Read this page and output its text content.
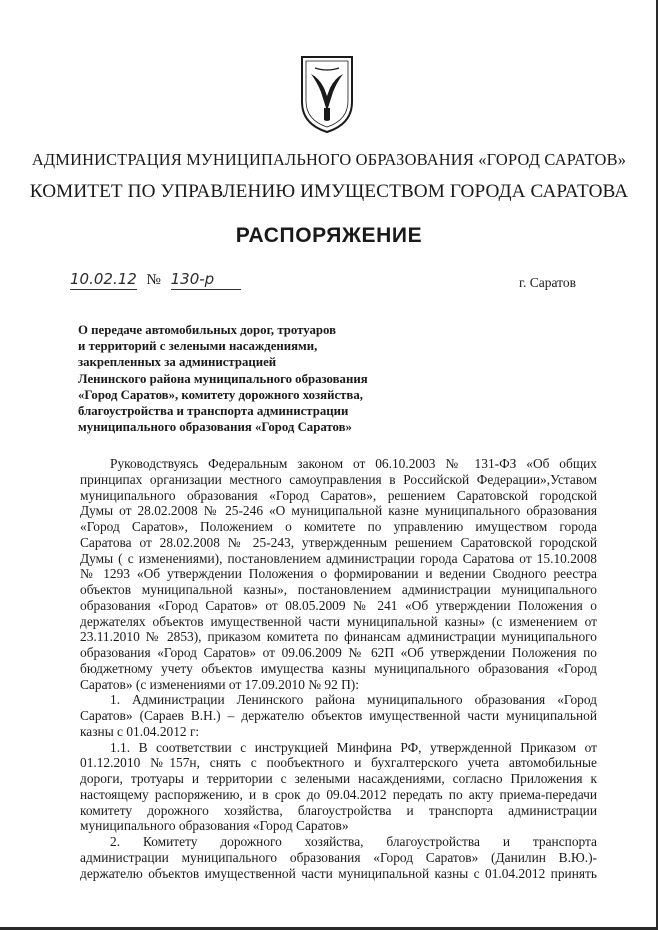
АДМИНИСТРАЦИЯ МУНИЦИПАЛЬНОГО ОБРАЗОВАНИЯ «ГОРОД САРАТОВ»
КОМИТЕТ ПО УПРАВЛЕНИЮ ИМУЩЕСТВОМ ГОРОДА САРАТОВА
РАСПОРЯЖЕНИЕ
10.02.12 № 130-р	г. Саратов
О передаче автомобильных дорог, тротуаров
и территорий с зелеными насаждениями,
закрепленных за администрацией
Ленинского района муниципального образования
«Город Саратов», комитету дорожного хозяйства,
благоустройства и транспорта администрации
муниципального образования «Город Саратов»
Руководствуясь Федеральным законом от 06.10.2003 № 131-ФЗ «Об общих
принципах организации местного самоуправления в Российской Федерации»,Уставом
муниципального образования «Город Саратов», решением Саратовской городской
Думы от 28.02.2008 № 25-246 «О муниципальной казне муниципального образования
«Город Саратов», Положением о комитете по управлению имуществом города
Саратова от 28.02.2008 № 25-243, утвержденным решением Саратовской городской
Думы ( с изменениями), постановлением администрации города Саратова от 15.10.2008
№ 1293 «Об утверждении Положения о формировании и ведении Сводного реестра
объектов муниципальной казны», постановлением администрации муниципального
образования «Город Саратов» от 08.05.2009 № 241 «Об утверждении Положения о
держателях объектов имущественной части муниципальной казны» (с изменением от
23.11.2010 № 2853), приказом комитета по финансам администрации муниципального
образования «Город Саратов» от 09.06.2009 № 62П «Об утверждении Положения по
бюджетному учету объектов имущества казны муниципального образования «Город
Саратов» (с изменениями от 17.09.2010 № 92 П):
1. Администрации Ленинского района муниципального образования «Город
Саратов» (Сараев В.Н.) – держателю объектов имущественной части муниципальной
казны с 01.04.2012 г:
1.1. В соответствии с инструкцией Минфина РФ, утвержденной Приказом от
01.12.2010 №157н, снять с пообъектного и бухгалтерского учета автомобильные
дороги, тротуары и территории с зелеными насаждениями, согласно Приложения к
настоящему распоряжению, и в срок до 09.04.2012 передать по акту приема-передачи
комитету дорожного хозяйства, благоустройства и транспорта администрации
муниципального образования «Город Саратов»
2. Комитету дорожного хозяйства, благоустройства и транспорта
администрации муниципального образования «Город Саратов» (Данилин В.Ю.)-
держателю объектов имущественной части муниципальной казны с 01.04.2012 принять
